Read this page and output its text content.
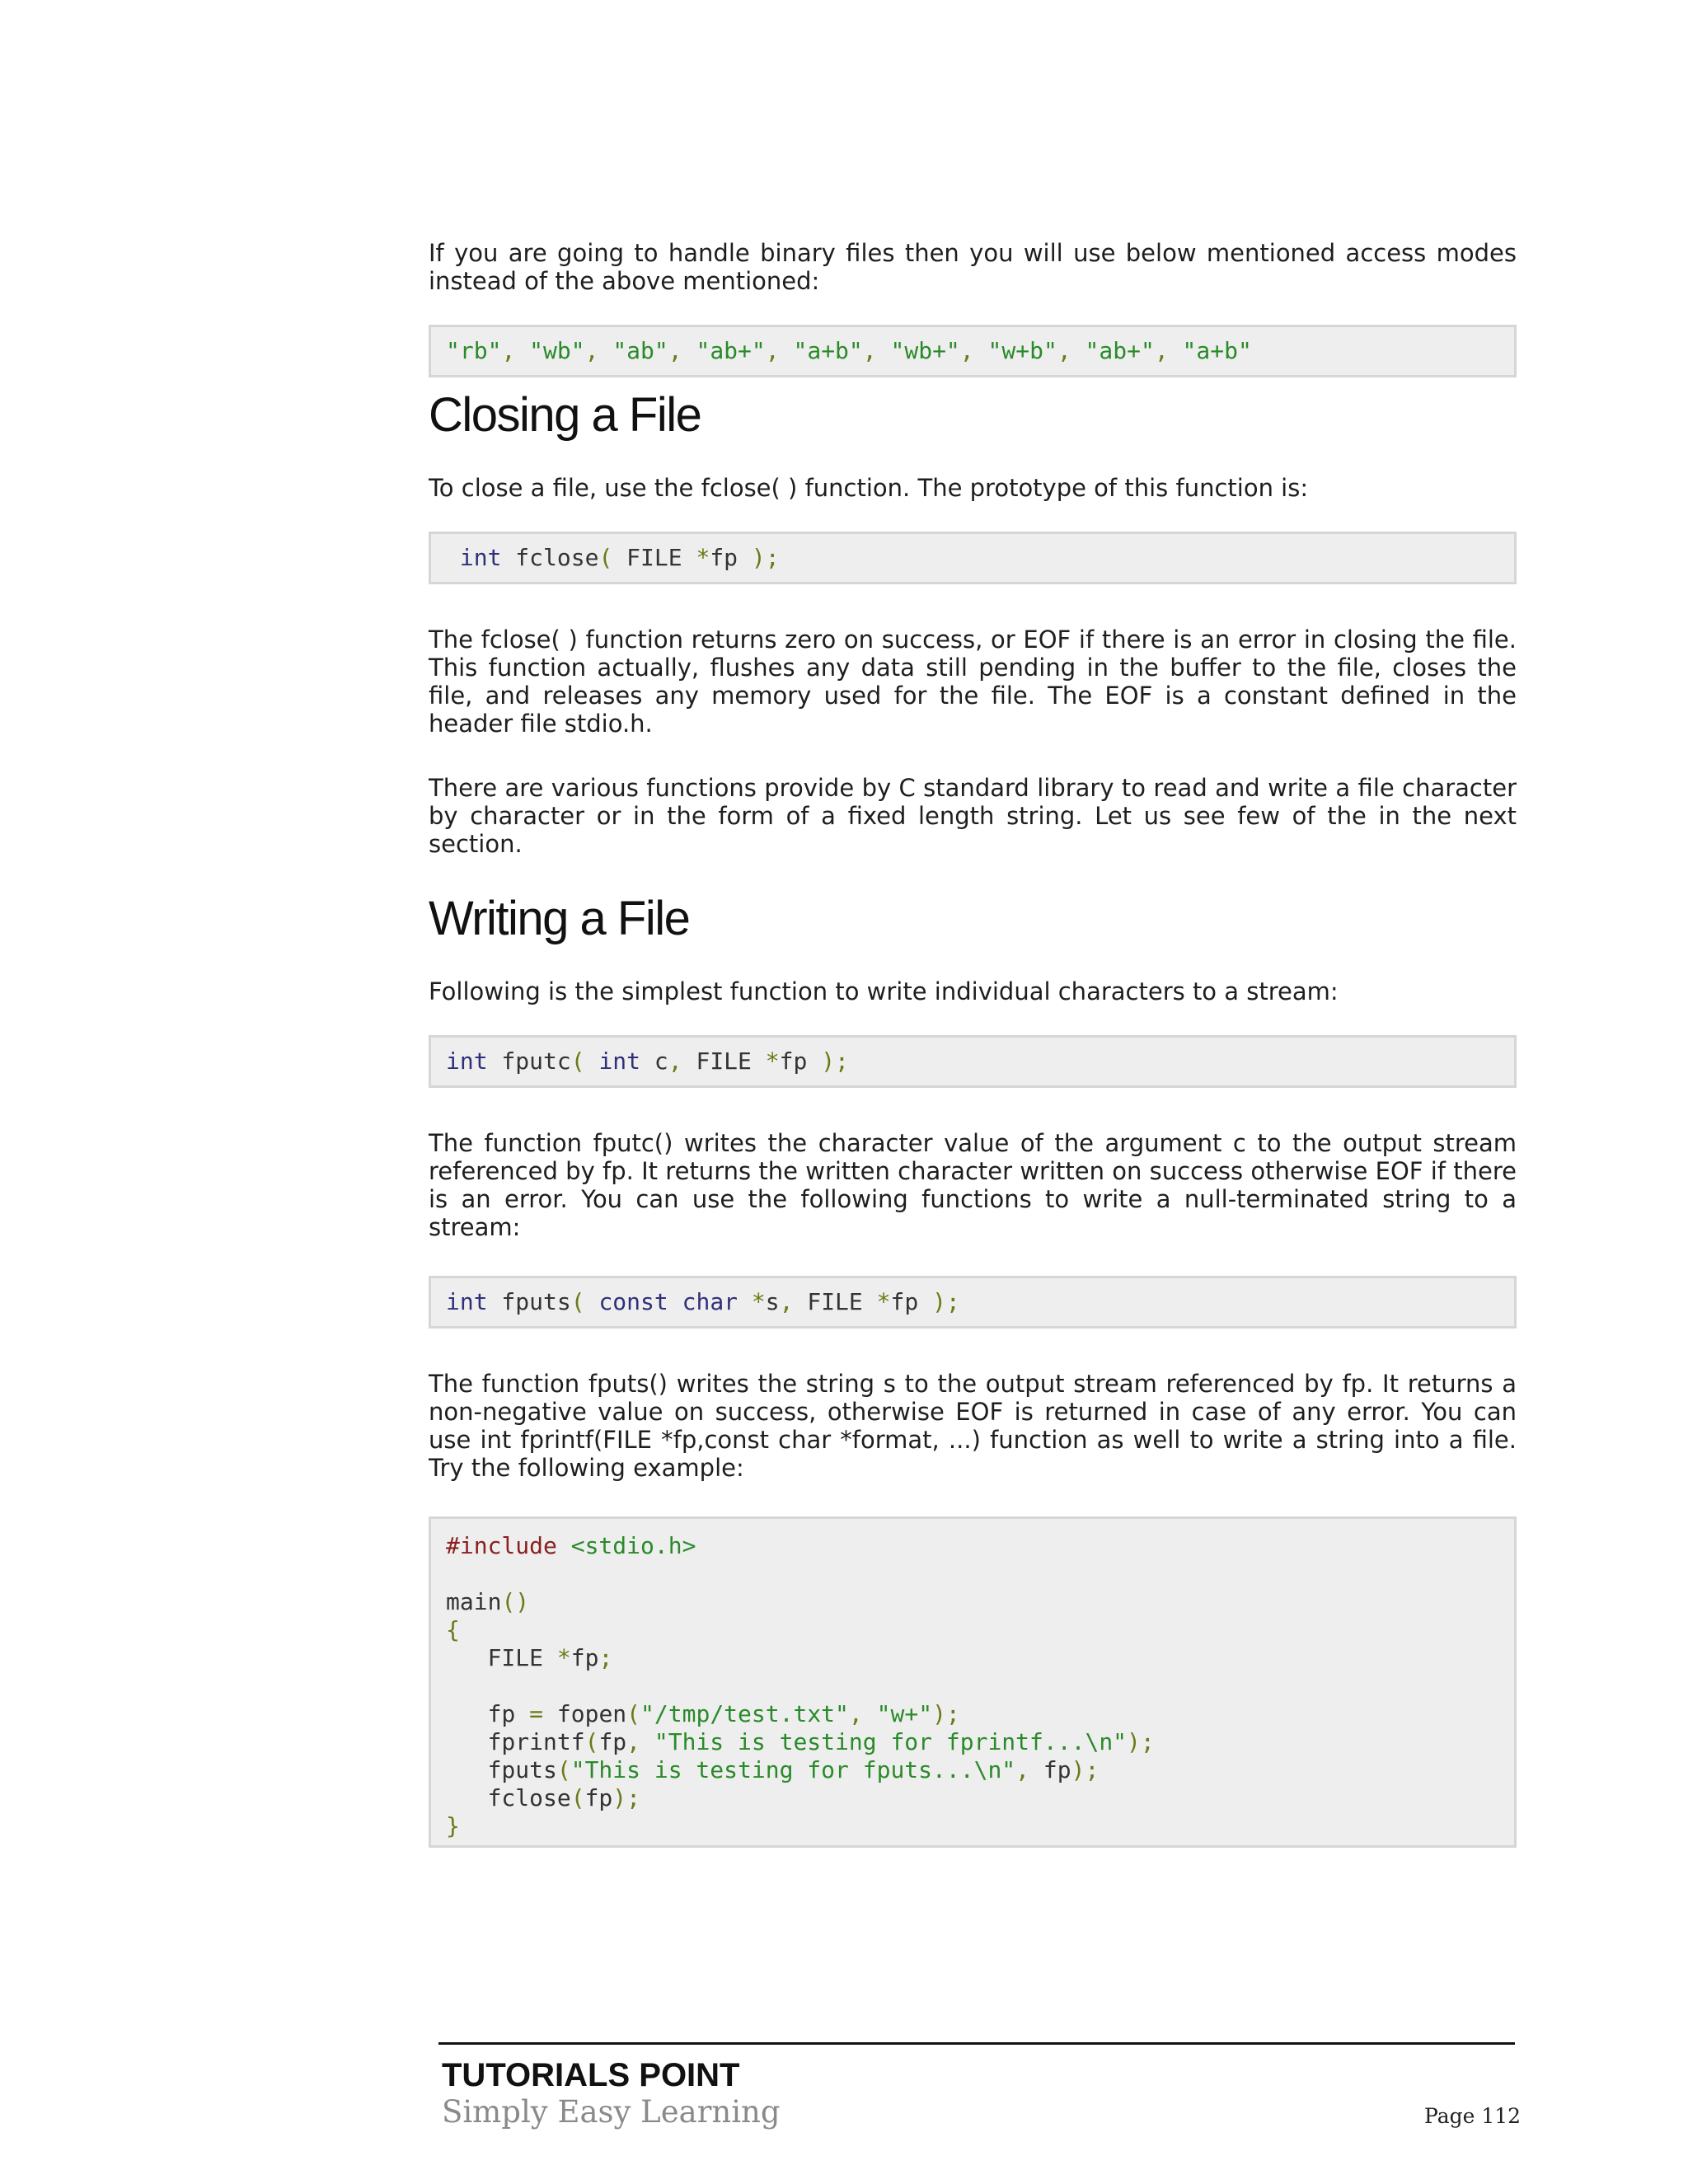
If you are going to handle binary files then you will use below mentioned access modes instead of the above mentioned:

"rb", "wb", "ab", "ab+", "a+b", "wb+", "w+b", "ab+", "a+b"
Closing a File

To close a file, use the fclose( ) function. The prototype of this function is:

int fclose( FILE *fp );

The fclose( ) function returns zero on success, or EOF if there is an error in closing the file. This function actually, flushes any data still pending in the buffer to the file, closes the file, and releases any memory used for the file. The EOF is a constant defined in the header file stdio.h.

There are various functions provide by C standard library to read and write a file character by character or in the form of a fixed length string. Let us see few of the in the next section.

Writing a File

Following is the simplest function to write individual characters to a stream:

int fputc( int c, FILE *fp );

The function fputc() writes the character value of the argument c to the output stream referenced by fp. It returns the written character written on success otherwise EOF if there is an error. You can use the following functions to write a null-terminated string to a stream:

int fputs( const char *s, FILE *fp );

The function fputs() writes the string s to the output stream referenced by fp. It returns a non-negative value on success, otherwise EOF is returned in case of any error. You can use int fprintf(FILE *fp,const char *format, ...) function as well to write a string into a file. Try the following example:

#include <stdio.h>
main()
{
FILE *fp;
fp = fopen("/tmp/test.txt", "w+");
fprintf(fp, "This is testing for fprintf...\n");
fputs("This is testing for fputs...\n", fp);
fclose(fp);
}
TUTORIALS POINT
Simply Easy Learning	Page 112
